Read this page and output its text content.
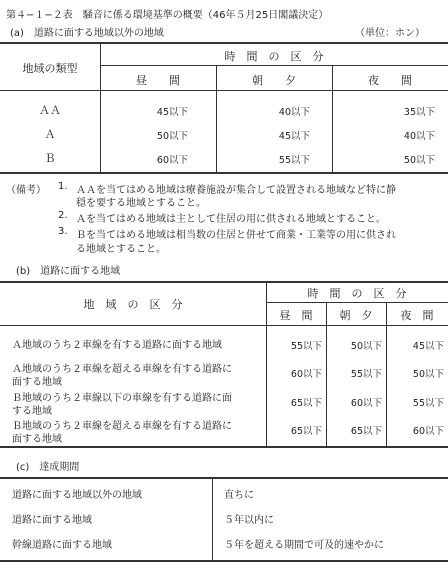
第４−１−２表　騒音に係る環境基準の概要（46年５月25日閣議決定）
(a)　道路に面する地域以外の地域	（単位：ホン）
地域の類型
時　間　の　区　分
昼　　間	朝　　夕	夜　　間
ＡＡ	45以下	40以下	35以下
Ａ	50以下	45以下	40以下
Ｂ	60以下	55以下	50以下
（備考） 1. ＡＡを当てはめる地域は療養施設が集合して設置される地域など特に静
穏を要する地域とすること。
2. Ａを当てはめる地域は主として住居の用に供される地域とすること。
3. Ｂを当てはめる地域は相当数の住居と併せて商業・工業等の用に供され
る地域とすること。
(b)　道路に面する地域
地　域　の　区　分
時　間　の　区　分
昼　間	朝　夕	夜　間
Ａ地域のうち２車線を有する道路に面する地域	55以下	50以下	45以下
Ａ地域のうち２車線を超える車線を有する道路に
面する地域
60以下	55以下	50以下
Ｂ地域のうち２車線以下の車線を有する道路に面
する地域
65以下	60以下	55以下
Ｂ地域のうち２車線を超える車線を有する道路に
面する地域
65以下	65以下	60以下
(c)　達成期間
道路に面する地域以外の地域	直ちに
道路に面する地域	５年以内に
幹線道路に面する地域	５年を超える期間で可及的速やかに
